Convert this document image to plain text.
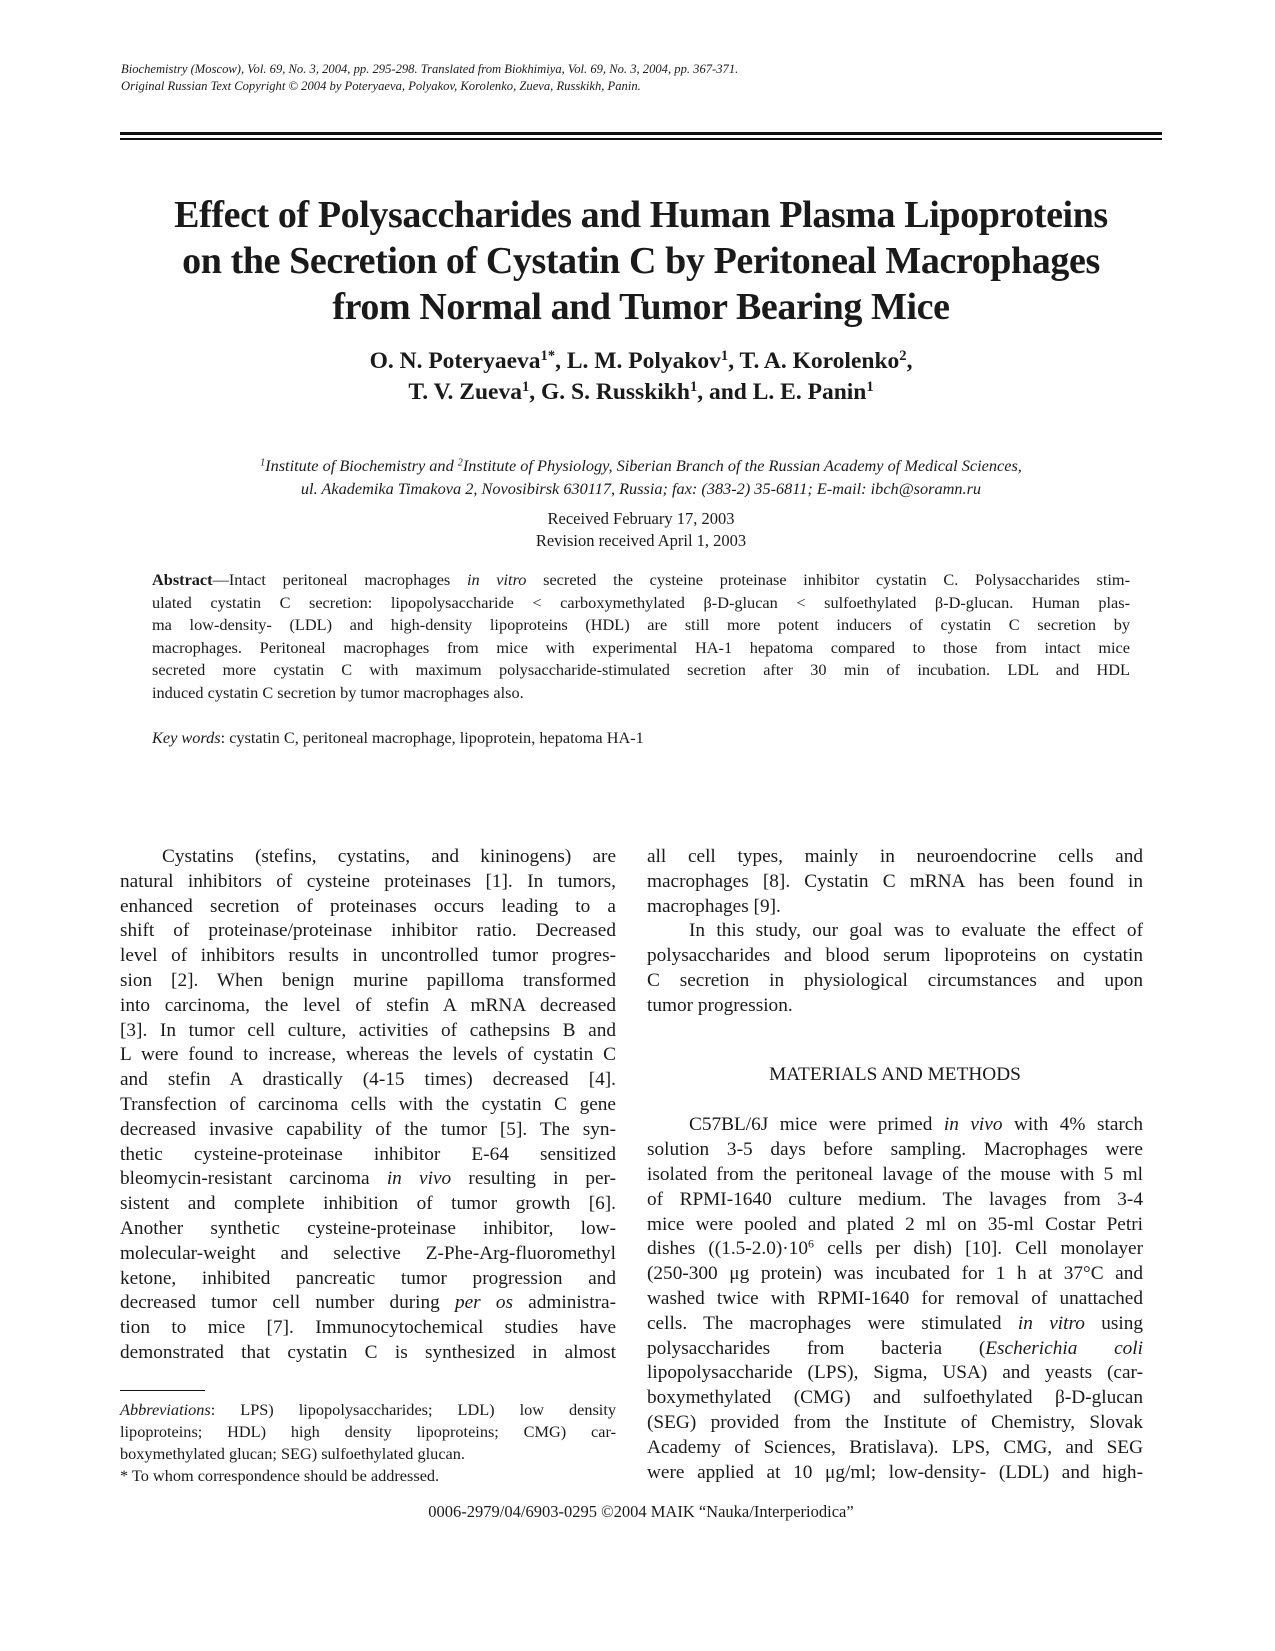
Biochemistry (Moscow), Vol. 69, No. 3, 2004, pp. 295-298. Translated from Biokhimiya, Vol. 69, No. 3, 2004, pp. 367-371.
Original Russian Text Copyright © 2004 by Poteryaeva, Polyakov, Korolenko, Zueva, Russkikh, Panin.
Effect of Polysaccharides and Human Plasma Lipoproteins
on the Secretion of Cystatin C by Peritoneal Macrophages
from Normal and Tumor Bearing Mice
O. N. Poteryaeva$^{1*}$, L. M. Polyakov$^1$, T. A. Korolenko$^2$,
T. V. Zueva$^1$, G. S. Russkikh$^1$, and L. E. Panin$^1$
$^1$Institute of Biochemistry and $^2$Institute of Physiology, Siberian Branch of the Russian Academy of Medical Sciences,
ul. Akademika Timakova 2, Novosibirsk 630117, Russia; fax: (383-2) 35-6811; E-mail: ibch@soramn.ru
Received February 17, 2003
Revision received April 1, 2003
Abstract—Intact peritoneal macrophages in vitro secreted the cysteine proteinase inhibitor cystatin C. Polysaccharides stim-
ulated cystatin C secretion: lipopolysaccharide < carboxymethylated β-D-glucan < sulfoethylated β-D-glucan. Human plas-
ma low-density- (LDL) and high-density lipoproteins (HDL) are still more potent inducers of cystatin C secretion by
macrophages. Peritoneal macrophages from mice with experimental HA-1 hepatoma compared to those from intact mice
secreted more cystatin C with maximum polysaccharide-stimulated secretion after 30 min of incubation. LDL and HDL
induced cystatin C secretion by tumor macrophages also.
Key words: cystatin C, peritoneal macrophage, lipoprotein, hepatoma HA-1
Cystatins (stefins, cystatins, and kininogens) are
natural inhibitors of cysteine proteinases [1]. In tumors,
enhanced secretion of proteinases occurs leading to a
shift of proteinase/proteinase inhibitor ratio. Decreased
level of inhibitors results in uncontrolled tumor progres-
sion [2]. When benign murine papilloma transformed
into carcinoma, the level of stefin A mRNA decreased
[3]. In tumor cell culture, activities of cathepsins B and
L were found to increase, whereas the levels of cystatin C
and stefin A drastically (4-15 times) decreased [4].
Transfection of carcinoma cells with the cystatin C gene
decreased invasive capability of the tumor [5]. The syn-
thetic cysteine-proteinase inhibitor E-64 sensitized
bleomycin-resistant carcinoma in vivo resulting in per-
sistent and complete inhibition of tumor growth [6].
Another synthetic cysteine-proteinase inhibitor, low-
molecular-weight and selective Z-Phe-Arg-fluoromethyl
ketone, inhibited pancreatic tumor progression and
decreased tumor cell number during per os administra-
tion to mice [7]. Immunocytochemical studies have
demonstrated that cystatin C is synthesized in almost
Abbreviations: LPS) lipopolysaccharides; LDL) low density
lipoproteins; HDL) high density lipoproteins; CMG) car-
boxymethylated glucan; SEG) sulfoethylated glucan.
* To whom correspondence should be addressed.
all cell types, mainly in neuroendocrine cells and
macrophages [8]. Cystatin C mRNA has been found in
macrophages [9].
In this study, our goal was to evaluate the effect of
polysaccharides and blood serum lipoproteins on cystatin
C secretion in physiological circumstances and upon
tumor progression.
MATERIALS AND METHODS
C57BL/6J mice were primed in vivo with 4% starch
solution 3-5 days before sampling. Macrophages were
isolated from the peritoneal lavage of the mouse with 5 ml
of RPMI-1640 culture medium. The lavages from 3-4
mice were pooled and plated 2 ml on 35-ml Costar Petri
dishes ($(1.5-2.0)\cdot 10^6$ cells per dish) [10]. Cell monolayer
(250-300 μg protein) was incubated for 1 h at 37°C and
washed twice with RPMI-1640 for removal of unattached
cells. The macrophages were stimulated in vitro using
polysaccharides from bacteria (Escherichia coli
lipopolysaccharide (LPS), Sigma, USA) and yeasts (car-
boxymethylated (CMG) and sulfoethylated β-D-glucan
(SEG) provided from the Institute of Chemistry, Slovak
Academy of Sciences, Bratislava). LPS, CMG, and SEG
were applied at 10 μg/ml; low-density- (LDL) and high-
0006-2979/04/6903-0295 ©2004 MAIK “Nauka/Interperiodica”
